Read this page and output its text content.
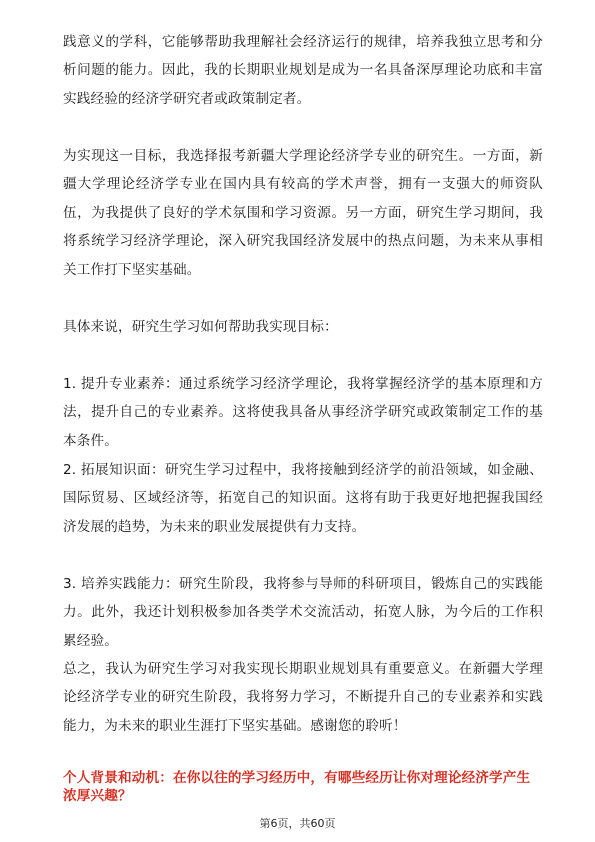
践意义的学科，它能够帮助我理解社会经济运行的规律，培养我独立思考和分析问题的能力。因此，我的长期职业规划是成为一名具备深厚理论功底和丰富实践经验的经济学研究者或政策制定者。

为实现这一目标，我选择报考新疆大学理论经济学专业的研究生。一方面，新疆大学理论经济学专业在国内具有较高的学术声誉，拥有一支强大的师资队伍，为我提供了良好的学术氛围和学习资源。另一方面，研究生学习期间，我将系统学习经济学理论，深入研究我国经济发展中的热点问题，为未来从事相关工作打下坚实基础。

具体来说，研究生学习如何帮助我实现目标：

1. 提升专业素养：通过系统学习经济学理论，我将掌握经济学的基本原理和方法，提升自己的专业素养。这将使我具备从事经济学研究或政策制定工作的基本条件。

2. 拓展知识面：研究生学习过程中，我将接触到经济学的前沿领域，如金融、国际贸易、区域经济等，拓宽自己的知识面。这将有助于我更好地把握我国经济发展的趋势，为未来的职业发展提供有力支持。

3. 培养实践能力：研究生阶段，我将参与导师的科研项目，锻炼自己的实践能力。此外，我还计划积极参加各类学术交流活动，拓宽人脉，为今后的工作积累经验。

总之，我认为研究生学习对我实现长期职业规划具有重要意义。在新疆大学理论经济学专业的研究生阶段，我将努力学习，不断提升自己的专业素养和实践能力，为未来的职业生涯打下坚实基础。感谢您的聆听！

个人背景和动机：在你以往的学习经历中，有哪些经历让你对理论经济学产生浓厚兴趣？

第6页，共60页
